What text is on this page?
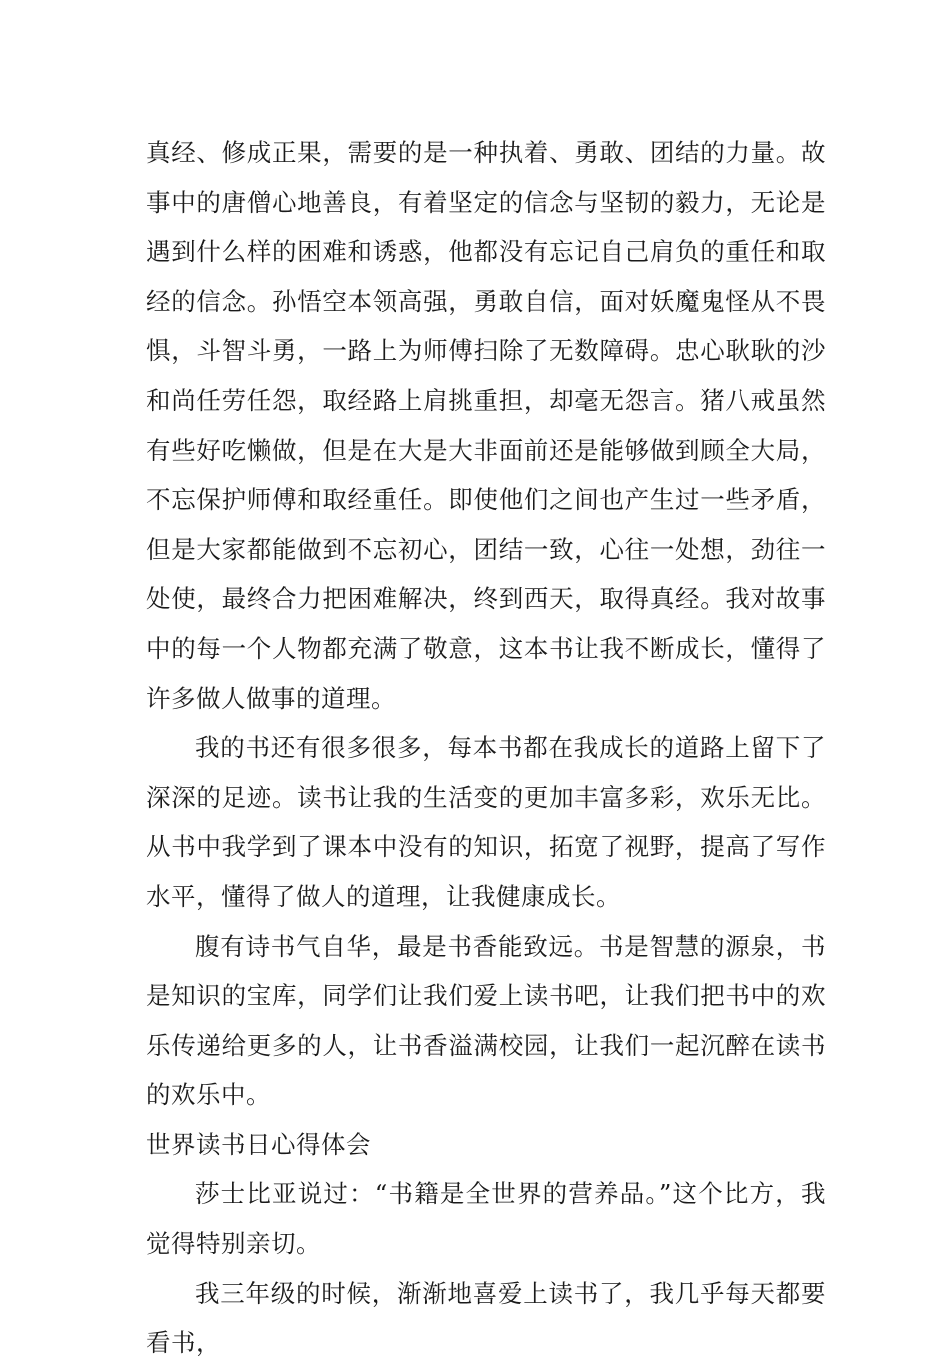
真经、修成正果，需要的是一种执着、勇敢、团结的力量。故事中的唐僧心地善良，有着坚定的信念与坚韧的毅力，无论是遇到什么样的困难和诱惑，他都没有忘记自己肩负的重任和取经的信念。孙悟空本领高强，勇敢自信，面对妖魔鬼怪从不畏惧，斗智斗勇，一路上为师傅扫除了无数障碍。忠心耿耿的沙和尚任劳任怨，取经路上肩挑重担，却毫无怨言。猪八戒虽然有些好吃懒做，但是在大是大非面前还是能够做到顾全大局，不忘保护师傅和取经重任。即使他们之间也产生过一些矛盾，但是大家都能做到不忘初心，团结一致，心往一处想，劲往一处使，最终合力把困难解决，终到西天，取得真经。我对故事中的每一个人物都充满了敬意，这本书让我不断成长，懂得了许多做人做事的道理。

我的书还有很多很多，每本书都在我成长的道路上留下了深深的足迹。读书让我的生活变的更加丰富多彩，欢乐无比。从书中我学到了课本中没有的知识，拓宽了视野，提高了写作水平，懂得了做人的道理，让我健康成长。

腹有诗书气自华，最是书香能致远。书是智慧的源泉，书是知识的宝库，同学们让我们爱上读书吧，让我们把书中的欢乐传递给更多的人，让书香溢满校园，让我们一起沉醉在读书的欢乐中。

世界读书日心得体会

莎士比亚说过：“书籍是全世界的营养品。”这个比方，我觉得特别亲切。

我三年级的时候，渐渐地喜爱上读书了，我几乎每天都要看书，
